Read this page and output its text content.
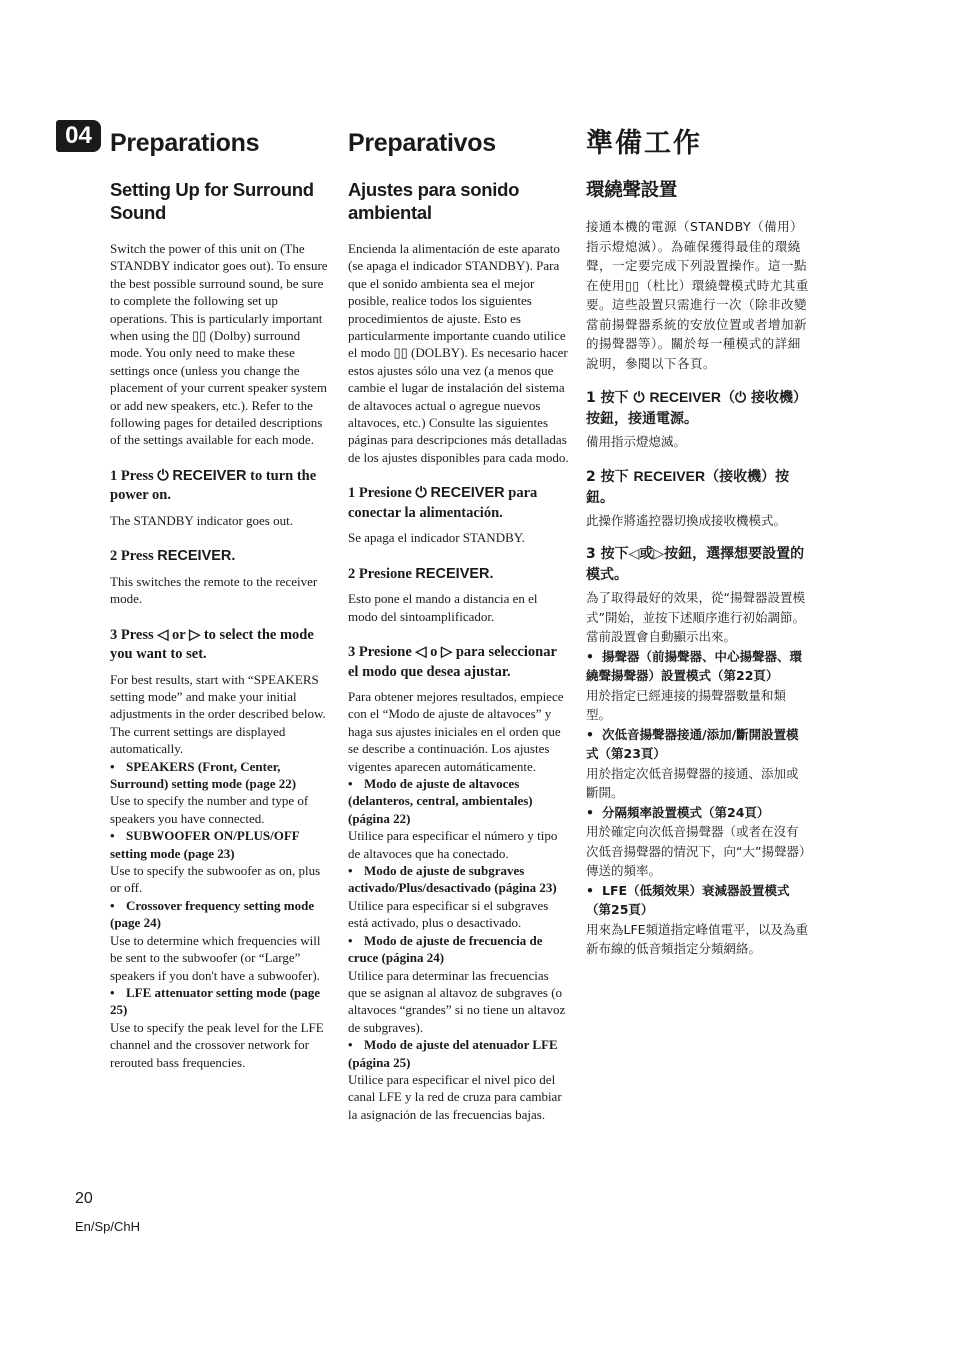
04 Preparations
Setting Up for Surround Sound

Switch the power of this unit on (The STANDBY indicator goes out). To ensure the best possible surround sound, be sure to complete the following set up operations. This is particularly important when using the ▯▯ (Dolby) surround mode. You only need to make these settings once (unless you change the placement of your current speaker system or add new speakers, etc.). Refer to the following pages for detailed descriptions of the settings available for each mode.

1 Press ⏻ RECEIVER to turn the power on.

The STANDBY indicator goes out.

2 Press RECEIVER.

This switches the remote to the receiver mode.

3 Press ◁ or ▷ to select the mode you want to set.

For best results, start with “SPEAKERS setting mode” and make your initial adjustments in the order described below. The current settings are displayed automatically.

• SPEAKERS (Front, Center, Surround) setting mode (page 22)

Use to specify the number and type of speakers you have connected.

• SUBWOOFER ON/PLUS/OFF setting mode (page 23)

Use to specify the subwoofer as on, plus or off.

• Crossover frequency setting mode (page 24)

Use to determine which frequencies will be sent to the subwoofer (or “Large” speakers if you don't have a subwoofer).

• LFE attenuator setting mode (page 25)

Use to specify the peak level for the LFE channel and the crossover network for rerouted bass frequencies.

Preparativos
Ajustes para sonido ambiental

Encienda la alimentación de este aparato (se apaga el indicador STANDBY). Para que el sonido ambienta sea el mejor posible, realice todos los siguientes procedimientos de ajuste. Esto es particularmente importante cuando utilice el modo ▯▯ (DOLBY). Es necesario hacer estos ajustes sólo una vez (a menos que cambie el lugar de instalación del sistema de altavoces actual o agregue nuevos altavoces, etc.) Consulte las siguientes páginas para descripciones más detalladas de los ajustes disponibles para cada modo.

1 Presione ⏻ RECEIVER para conectar la alimentación.

Se apaga el indicador STANDBY.

2 Presione RECEIVER.

Esto pone el mando a distancia en el modo del sintoamplificador.

3 Presione ◁ o ▷ para seleccionar el modo que desea ajustar.

Para obtener mejores resultados, empiece con el “Modo de ajuste de altavoces” y haga sus ajustes iniciales en el orden que se describe a continuación. Los ajustes vigentes aparecen automáticamente.

• Modo de ajuste de altavoces (delanteros, central, ambientales) (página 22)

Utilice para especificar el número y tipo de altavoces que ha conectado.

• Modo de ajuste de subgraves activado/Plus/desactivado (página 23)

Utilice para especificar si el subgraves está activado, plus o desactivado.

• Modo de ajuste de frecuencia de cruce (página 24)

Utilice para determinar las frecuencias que se asignan al altavoz de subgraves (o altavoces “grandes” si no tiene un altavoz de subgraves).

• Modo de ajuste del atenuador LFE (página 25)

Utilice para especificar el nivel pico del canal LFE y la red de cruza para cambiar la asignación de las frecuencias bajas.

準備工作
環繞聲設置

接通本機的電源（STANDBY（備用）指示燈熄滅）。為確保獲得最佳的環繞聲，一定要完成下列設置操作。這一點在使用▯▯（杜比）環繞聲模式時尤其重要。這些設置只需進行一次（除非改變當前揚聲器系統的安放位置或者增加新的揚聲器等）。關於每一種模式的詳細說明，參閱以下各頁。

1 按下 ⏻ RECEIVER（⏻ 接收機）按鈕，接通電源。

備用指示燈熄滅。

2 按下 RECEIVER（接收機）按鈕。

此操作將遙控器切換成接收機模式。

3 按下◁或▷按鈕，選擇想要設置的模式。

為了取得最好的效果，從“揚聲器設置模式”開始，並按下述順序進行初始調節。當前設置會自動顯示出來。

• 揚聲器（前揚聲器、中心揚聲器、環繞聲揚聲器）設置模式（第22頁）

用於指定已經連接的揚聲器數量和類型。

• 次低音揚聲器接通/添加/斷開設置模式（第23頁）

用於指定次低音揚聲器的接通、添加或斷開。

• 分隔頻率設置模式（第24頁）

用於確定向次低音揚聲器（或者在沒有次低音揚聲器的情況下，向“大”揚聲器）傳送的頻率。

• LFE（低頻效果）衰減器設置模式（第25頁）

用來為LFE頻道指定峰值電平，以及為重新布線的低音頻指定分頻網絡。

20
En/Sp/ChH
